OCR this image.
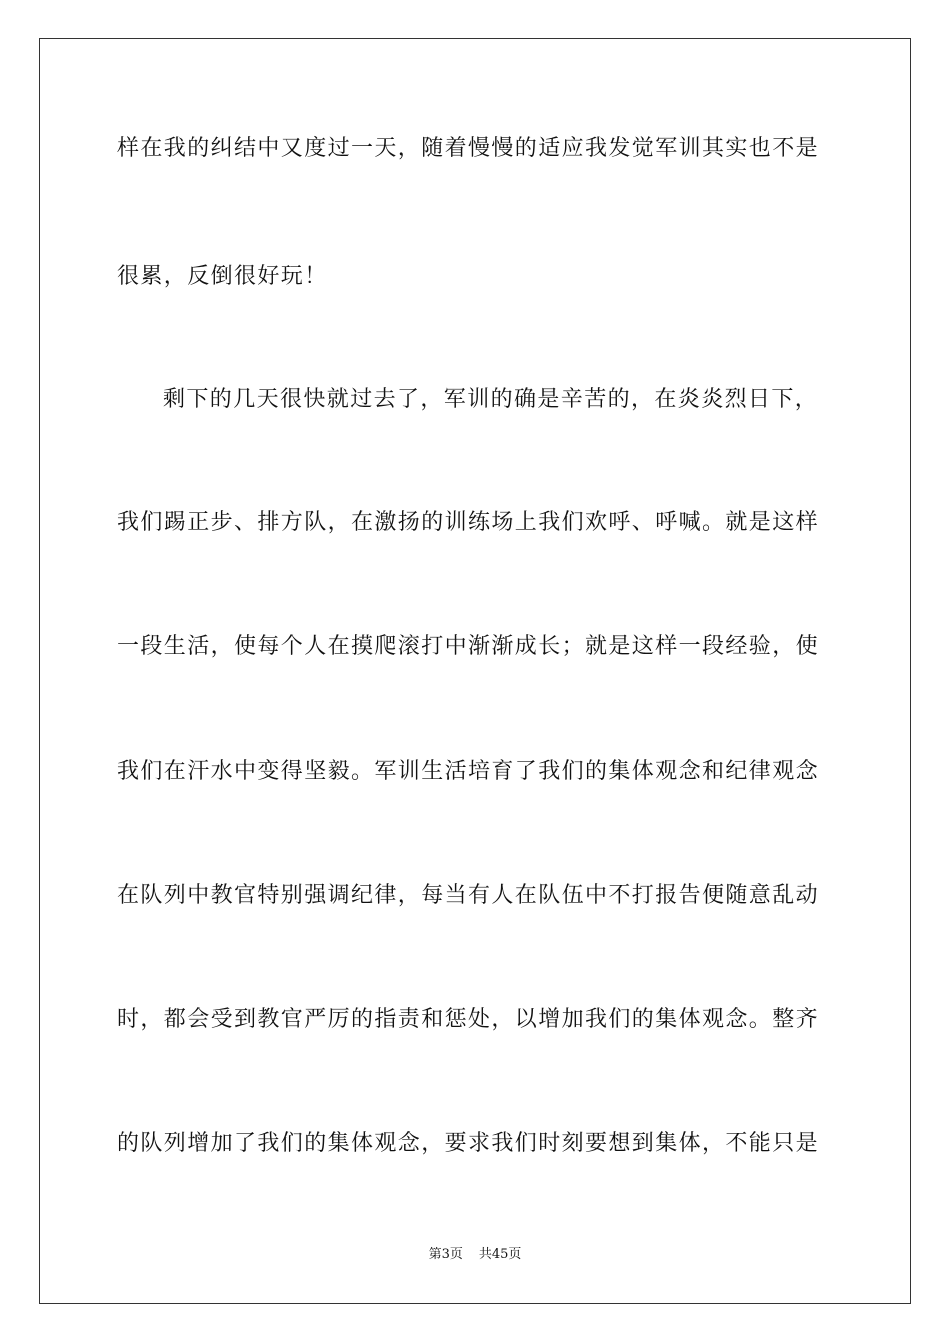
样在我的纠结中又度过一天，随着慢慢的适应我发觉军训其实也不是
很累，反倒很好玩！
剩下的几天很快就过去了，军训的确是辛苦的，在炎炎烈日下，
我们踢正步、排方队，在激扬的训练场上我们欢呼、呼喊。就是这样
一段生活，使每个人在摸爬滚打中渐渐成长；就是这样一段经验，使
我们在汗水中变得坚毅。军训生活培育了我们的集体观念和纪律观念
在队列中教官特别强调纪律，每当有人在队伍中不打报告便随意乱动
时，都会受到教官严厉的指责和惩处，以增加我们的集体观念。整齐
的队列增加了我们的集体观念，要求我们时刻要想到集体，不能只是
第3页 共45页
